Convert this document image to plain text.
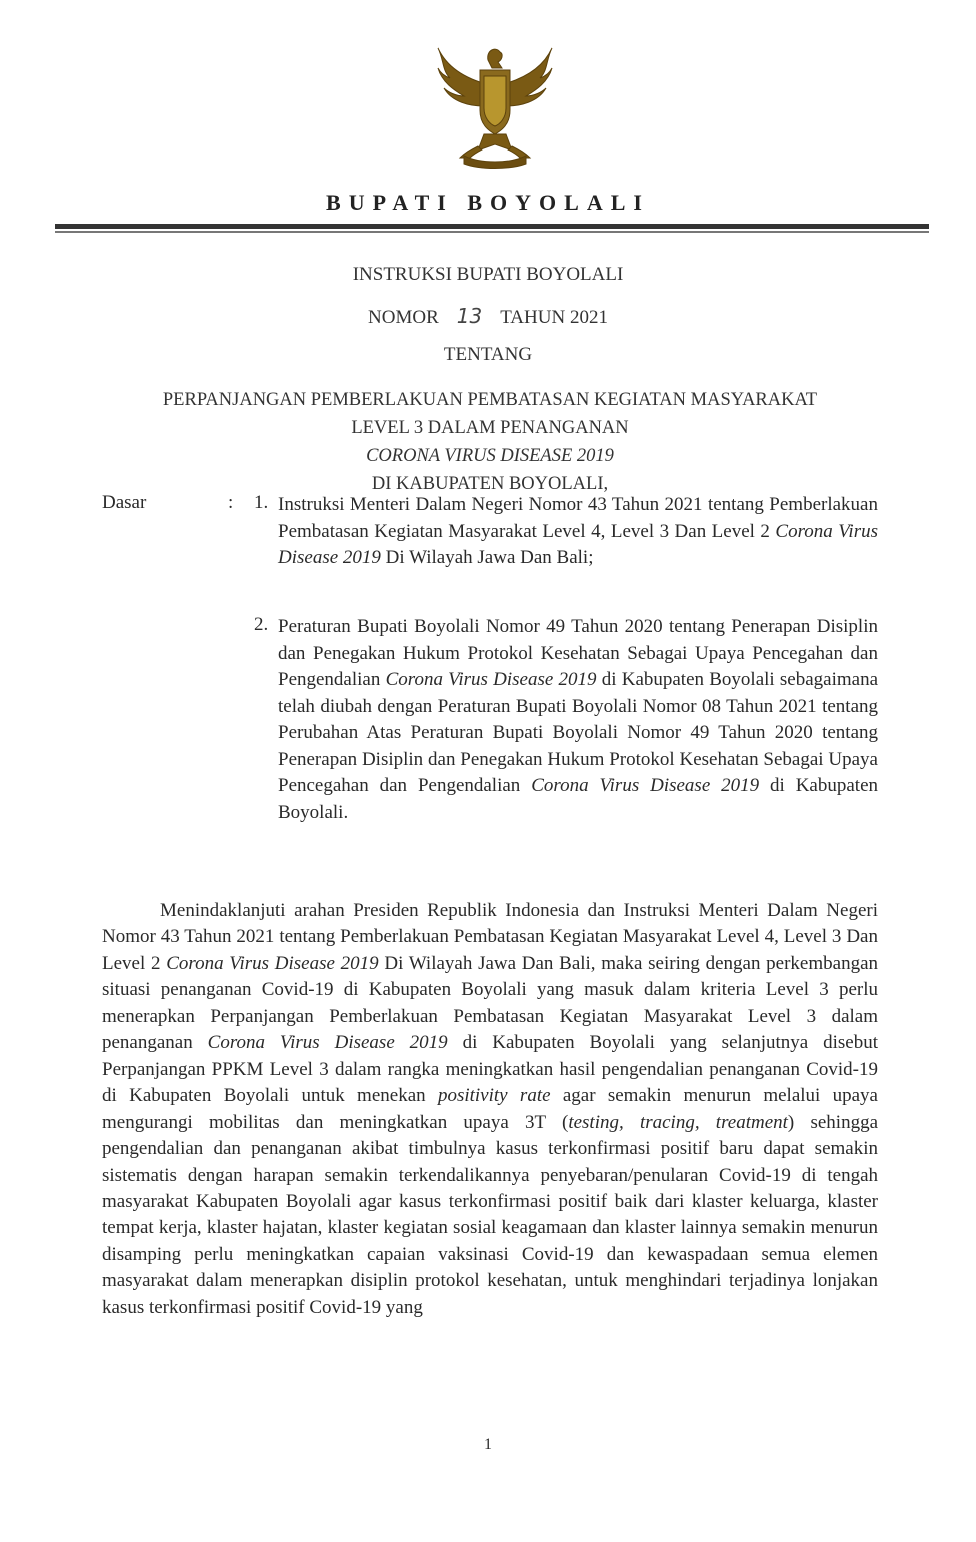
BUPATI BOYOLALI
INSTRUKSI BUPATI BOYOLALI
NOMOR 13 TAHUN 2021
TENTANG
PERPANJANGAN PEMBERLAKUAN PEMBATASAN KEGIATAN MASYARAKAT
LEVEL 3 DALAM PENANGANAN
CORONA VIRUS DISEASE 2019
DI KABUPATEN BOYOLALI,
Dasar	: 1. Instruksi Menteri Dalam Negeri Nomor 43 Tahun 2021 tentang Pemberlakuan Pembatasan Kegiatan Masyarakat Level 4, Level 3 Dan Level 2 Corona Virus Disease 2019 Di Wilayah Jawa Dan Bali;
2. Peraturan Bupati Boyolali Nomor 49 Tahun 2020 tentang Penerapan Disiplin dan Penegakan Hukum Protokol Kesehatan Sebagai Upaya Pencegahan dan Pengendalian Corona Virus Disease 2019 di Kabupaten Boyolali sebagaimana telah diubah dengan Peraturan Bupati Boyolali Nomor 08 Tahun 2021 tentang Perubahan Atas Peraturan Bupati Boyolali Nomor 49 Tahun 2020 tentang Penerapan Disiplin dan Penegakan Hukum Protokol Kesehatan Sebagai Upaya Pencegahan dan Pengendalian Corona Virus Disease 2019 di Kabupaten Boyolali.
Menindaklanjuti arahan Presiden Republik Indonesia dan Instruksi Menteri Dalam Negeri Nomor 43 Tahun 2021 tentang Pemberlakuan Pembatasan Kegiatan Masyarakat Level 4, Level 3 Dan Level 2 Corona Virus Disease 2019 Di Wilayah Jawa Dan Bali, maka seiring dengan perkembangan situasi penanganan Covid-19 di Kabupaten Boyolali yang masuk dalam kriteria Level 3 perlu menerapkan Perpanjangan Pemberlakuan Pembatasan Kegiatan Masyarakat Level 3 dalam penanganan Corona Virus Disease 2019 di Kabupaten Boyolali yang selanjutnya disebut Perpanjangan PPKM Level 3 dalam rangka meningkatkan hasil pengendalian penanganan Covid-19 di Kabupaten Boyolali untuk menekan positivity rate agar semakin menurun melalui upaya mengurangi mobilitas dan meningkatkan upaya 3T (testing, tracing, treatment) sehingga pengendalian dan penanganan akibat timbulnya kasus terkonfirmasi positif baru dapat semakin sistematis dengan harapan semakin terkendalikannya penyebaran/penularan Covid-19 di tengah masyarakat Kabupaten Boyolali agar kasus terkonfirmasi positif baik dari klaster keluarga, klaster tempat kerja, klaster hajatan, klaster kegiatan sosial keagamaan dan klaster lainnya semakin menurun disamping perlu meningkatkan capaian vaksinasi Covid-19 dan kewaspadaan semua elemen masyarakat dalam menerapkan disiplin protokol kesehatan, untuk menghindari terjadinya lonjakan kasus terkonfirmasi positif Covid-19 yang
1
